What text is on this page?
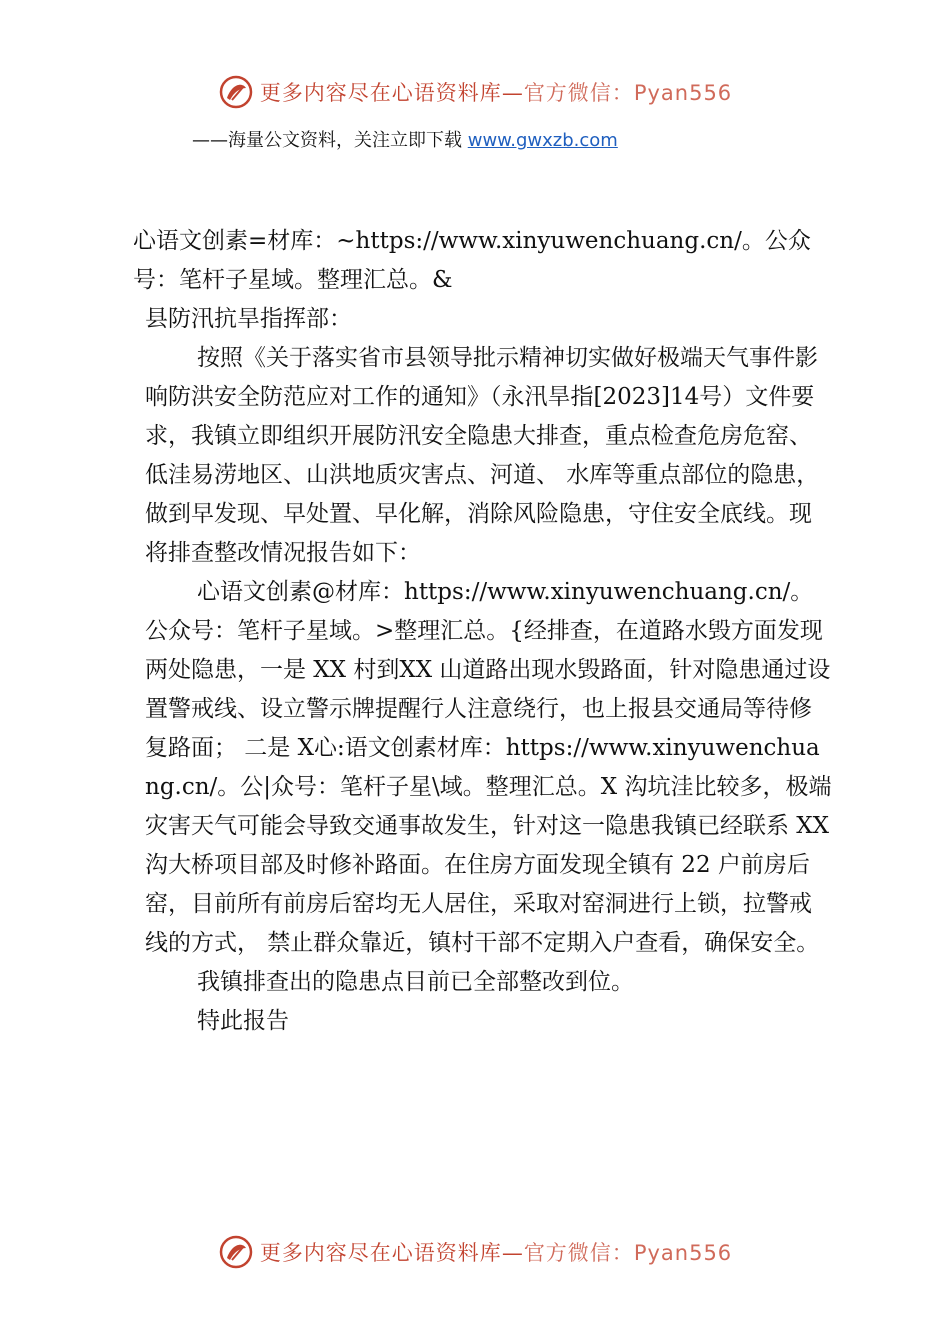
更多内容尽在心语资料库—官方微信：Pyan556
——海量公文资料，关注立即下载 www.gwxzb.com

心语文创素=材库：~https://www.xinyuwenchuang.cn/。公众号：笔杆子星域。整理汇总。&

县防汛抗旱指挥部：

按照《关于落实省市县领导批示精神切实做好极端天气事件影响防洪安全防范应对工作的通知》（永汛旱指[2023]14号）文件要求，我镇立即组织开展防汛安全隐患大排查，重点检查危房危窑、低洼易涝地区、山洪地质灾害点、河道、 水库等重点部位的隐患，做到早发现、早处置、早化解，消除风险隐患，守住安全底线。现将排查整改情况报告如下：

心语文创素@材库：https://www.xinyuwenchuang.cn/。公众号：笔杆子星域。>整理汇总。{经排查，在道路水毁方面发现两处隐患，一是 XX 村到XX 山道路出现水毁路面，针对隐患通过设置警戒线、设立警示牌提醒行人注意绕行，也上报县交通局等待修复路面； 二是 X心:语文创素材库：https://www.xinyuwenchuang.cn/。公|众号：笔杆子星\域。整理汇总。X 沟坑洼比较多，极端灾害天气可能会导致交通事故发生，针对这一隐患我镇已经联系 XX 沟大桥项目部及时修补路面。在住房方面发现全镇有 22 户前房后窑，目前所有前房后窑均无人居住，采取对窑洞进行上锁，拉警戒线的方式， 禁止群众靠近，镇村干部不定期入户查看，确保安全。

我镇排查出的隐患点目前已全部整改到位。

特此报告

更多内容尽在心语资料库—官方微信：Pyan556
